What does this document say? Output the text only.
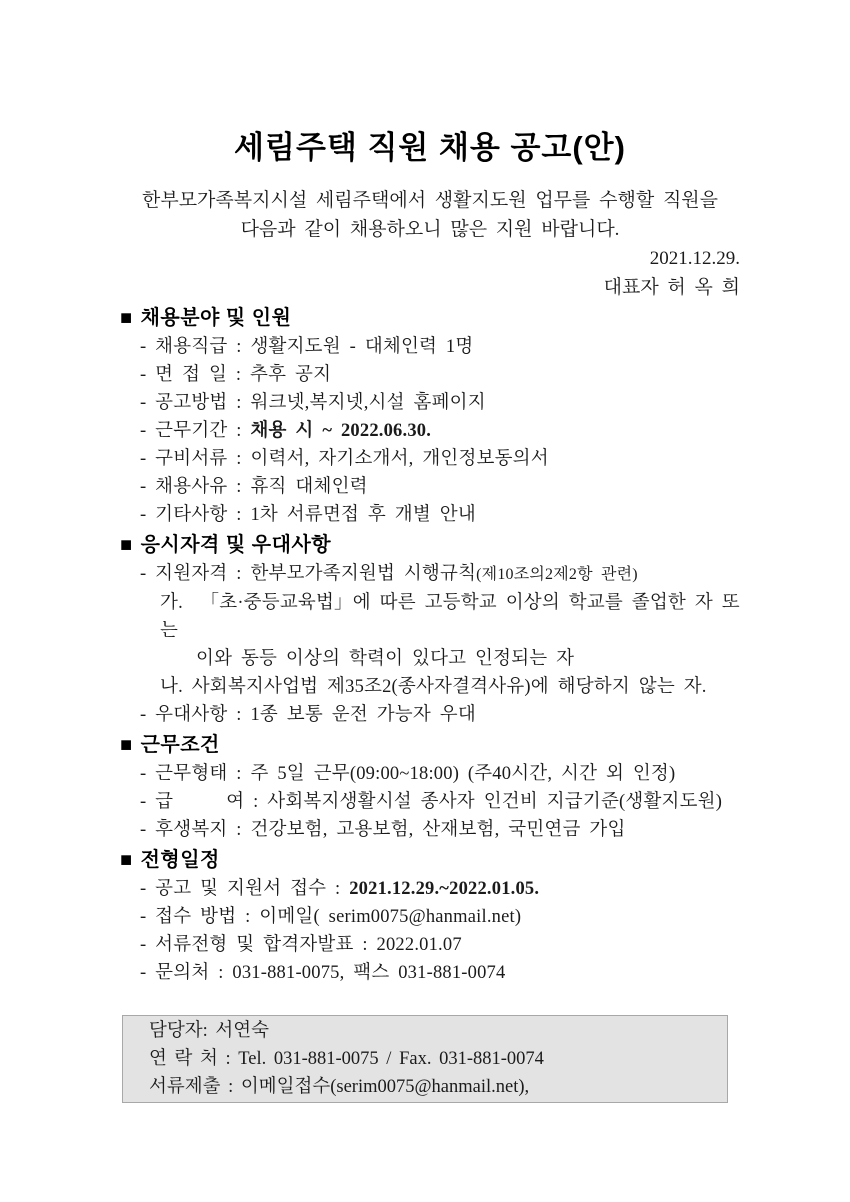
세림주택 직원 채용 공고(안)
한부모가족복지시설 세림주택에서 생활지도원 업무를 수행할 직원을
다음과 같이 채용하오니 많은 지원 바랍니다.
2021.12.29.
대표자 허 옥 희
■ 채용분야 및 인원
- 채용직급 : 생활지도원 - 대체인력 1명
- 면 접 일 : 추후 공지
- 공고방법 : 워크넷,복지넷,시설 홈페이지
- 근무기간 : 채용 시 ~ 2022.06.30.
- 구비서류 : 이력서, 자기소개서, 개인정보동의서
- 채용사유 : 휴직 대체인력
- 기타사항 : 1차 서류면접 후 개별 안내
■ 응시자격 및 우대사항
- 지원자격 : 한부모가족지원법 시행규칙(제10조의2제2항 관련)
가.  「초·중등교육법」에 따른 고등학교 이상의 학교를 졸업한 자 또는
이와 동등 이상의 학력이 있다고 인정되는 자
나. 사회복지사업법 제35조2(종사자결격사유)에 해당하지 않는 자.
- 우대사항 : 1종 보통 운전 가능자 우대
■ 근무조건
- 근무형태 : 주 5일 근무(09:00~18:00) (주40시간, 시간 외 인정)
- 급      여 : 사회복지생활시설 종사자 인건비 지급기준(생활지도원)
- 후생복지 : 건강보험, 고용보험, 산재보험, 국민연금 가입
■ 전형일정
- 공고 및 지원서 접수 : 2021.12.29.~2022.01.05.
- 접수 방법 : 이메일( serim0075@hanmail.net)
- 서류전형 및 합격자발표 : 2022.01.07
- 문의처 : 031-881-0075, 팩스 031-881-0074
담당자: 서연숙
연 락 처 : Tel. 031-881-0075 / Fax. 031-881-0074
서류제출 : 이메일접수(serim0075@hanmail.net),
